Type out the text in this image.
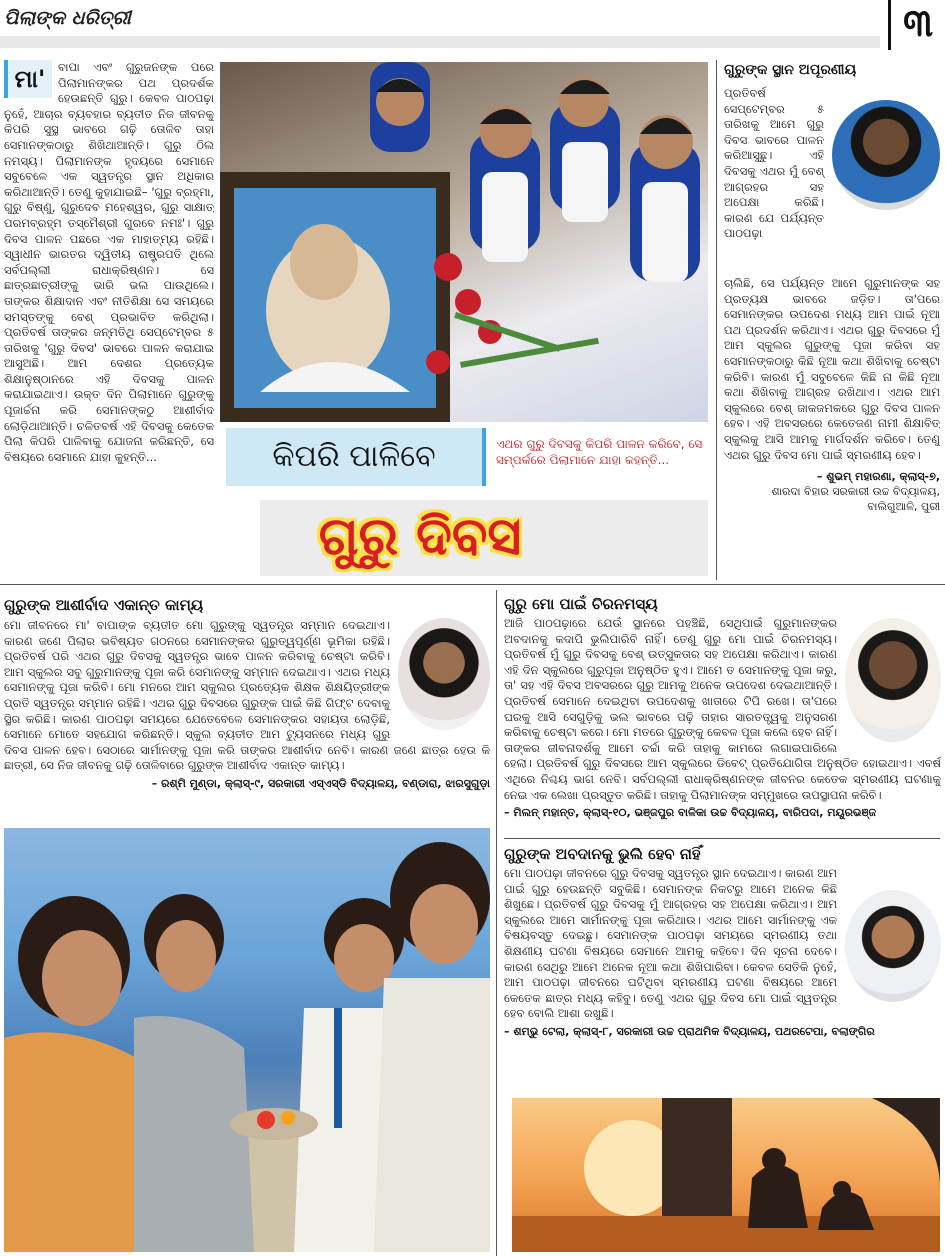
ପିଲାଙ୍କ ଧରିତ୍ରୀ	୩
ମା'	ବାପା ଏବଂ ଗୁରୁଜନଙ୍କ ପରେ ପିଲାମାନଙ୍କର ପଥ ପ୍ରଦର୍ଶକ ହେଉଛନ୍ତି ଗୁରୁ। କେବଳ ପାଠପଢ଼ା ନୁହେଁ, ଆଚାର ବ୍ୟବହାର ବ୍ୟତୀତ ନିଜ ଜୀବନକୁ କିପରି ସୁସ୍ଥ ଭାବରେ ଗଢ଼ି ତୋଳିବ ତାହା ସେମାନଙ୍କଠାରୁ ଶିଖିଥାଆନ୍ତି। ଗୁରୁ ଠିଲ ନମସ୍ୟ। ପିଲାମାନଙ୍କ ହୃଦୟରେ ସେମାନେ ସବୁବେଳେ ଏକ ସ୍ୱତନ୍ତ୍ର ସ୍ଥାନ ଅଧିକାର କରିଥାଆନ୍ତି। ତେଣୁ କୁହାଯାଇଛି– 'ଗୁରୁ ବ୍ରହ୍ମା, ଗୁରୁ ବିଷ୍ଣୁ, ଗୁରୁଦେବ ମହେଶ୍ୱର, ଗୁରୁ ସାକ୍ଷାତ୍ ପରମବ୍ରହ୍ମ ତସ୍ମୈଶ୍ରୀ ଗୁରବେ ନମଃ'। ଗୁରୁ ଦିବସ ପାଳନ ପଛରେ ଏକ ମାହାତ୍ମ୍ୟ ରହିଛି। ସ୍ୱାଧୀନ ଭାରତର ଦ୍ୱିତୀୟ ରାଷ୍ଟ୍ରପତି ଥିଲେ ସର୍ବପଲ୍ଲୀ ରାଧାକ୍ରିଷ୍ଣନ। ସେ ଛାତ୍ରଛାତ୍ରୀଙ୍କୁ ଭାରି ଭଲ ପାଉଥିଲେ। ତାଙ୍କର ଶିକ୍ଷାଦାନ ଏବଂ ନୀତିଶିକ୍ଷା ସେ ସମୟରେ ସମସ୍ତଙ୍କୁ ବେଶ୍ ପ୍ରଭାବିତ କରିଥିଲା। ପ୍ରତିବର୍ଷ ତାଙ୍କର ଜନ୍ମତିଥି ସେପ୍ଟେମ୍ବର ୫ ତାରିଖକୁ 'ଗୁରୁ ଦିବସ' ଭାବରେ ପାଳନ କରାଯାଇ ଆସୁଅଛି। ଆମ ଦେଶର ପ୍ରତ୍ୟେକ ଶିକ୍ଷାନୁଷ୍ଠାନରେ ଏହି ଦିବସକୁ ପାଳନ କରାଯାଇଥାଏ। ଉକ୍ତ ଦିନ ପିଲାମାନେ ଗୁରୁଙ୍କୁ ପୂଜାର୍ଚ୍ଚନା କରି ସେମାନଙ୍କଠୁ ଆଶୀର୍ବାଦ ଲୋଡ଼ିଥାଆନ୍ତି। ଚଳିତବର୍ଷ ଏହି ଦିବସକୁ କେତେକ ପିଲା କିପରି ପାଳିବାକୁ ଯୋଜନା କରିଛନ୍ତି, ସେ ବିଷୟରେ ସେମାନେ ଯାହା କୁହନ୍ତି...	କିପରି ପାଳିବେ	ଏଥର ଗୁରୁ ଦିବସକୁ କିପରି ପାଳନ କରିବେ, ସେ ସମ୍ପର୍କରେ ପିଲାମାନେ ଯାହା କହନ୍ତି...
ଗୁରୁ ଦିବସ
ଗୁରୁଙ୍କ ସ୍ଥାନ ଅପୂରଣୀୟ

ପ୍ରତିବର୍ଷ ସେପ୍ଟେମ୍ବର ୫ ତାରିଖକୁ ଆମେ ଗୁରୁ ଦିବସ ଭାବରେ ପାଳନ କରିଆସୁଛୁ। ଏହି ଦିବସକୁ ଏଥର ମୁଁ ବେଶ୍ ଆଗ୍ରହର ସହ ଅପେକ୍ଷା କରିଛି। କାରଣ ଯେ ପର୍ଯ୍ୟନ୍ତ ପାଠପଢ଼ା

ଚାଲିଛି, ସେ ପର୍ଯ୍ୟନ୍ତ ଆମେ ଗୁରୁମାନଙ୍କ ସହ ପ୍ରତ୍ୟକ୍ଷ ଭାବରେ ଜଡ଼ିତ। ତା'ପରେ ସେମାନଙ୍କର ଉପଦେଶ ମଧ୍ୟ ଆମ ପାଇଁ ନୂଆ ପଥ ପ୍ରଦର୍ଶନ କରିଥାଏ। ଏଥର ଗୁରୁ ଦିବସରେ ମୁଁ ଆମ ସ୍କୁଲର ଗୁରୁଙ୍କୁ ପୂଜା କରିବା ସହ ସେମାନଙ୍କଠାରୁ କିଛି ନୂଆ କଥା ଶିଖିବାକୁ ଚେଷ୍ଟା କରିବି। କାରଣ ମୁଁ ସବୁବେଳେ କିଛି ନା କିଛି ନୂଆ କଥା ଶିଖିବାକୁ ଆଗ୍ରହ ରଖିଥାଏ। ଏଥର ଆମ ସ୍କୁଲରେ ବେଶ୍ ଜାକଜମକରେ ଗୁରୁ ଦିବସ ପାଳନ ହେବ। ଏହି ଅବସରରେ କେତେଜଣ ନାମୀ ଶିକ୍ଷାବିତ୍ ସ୍କୁଲକୁ ଆସି ଆମକୁ ମାର୍ଗଦର୍ଶନ କରିବେ। ତେଣୁ ଏଥର ଗୁରୁ ଦିବସ ମୋ ପାଇଁ ସ୍ମରଣୀୟ ହେବ।

– ଶୁଭମ୍ ମହାରଣା, କ୍ଲାସ୍-୭,

ଶାରଦା ବିହାର ସରକାରୀ ଉଚ୍ଚ ବିଦ୍ୟାଳୟ, ବାଲିଗୁଆଳି, ପୁରୀ

ଗୁରୁଙ୍କ ଆଶୀର୍ବାଦ ଏକାନ୍ତ କାମ୍ୟ

ମୋ ଜୀବନରେ ମା' ବାପାଙ୍କ ବ୍ୟତୀତ ମୋ ଗୁରୁଙ୍କୁ ସ୍ୱତନ୍ତ୍ର ସମ୍ମାନ ଦେଇଥାଏ। କାରଣ ଜଣେ ପିଲାର ଭବିଷ୍ୟତ ଗଠନରେ ସେମାନଙ୍କର ଗୁରୁତ୍ୱପୂର୍ଣ୍ଣ ଭୂମିକା ରହିଛି। ପ୍ରତିବର୍ଷ ପରି ଏଥର ଗୁରୁ ଦିବସକୁ ସ୍ୱତନ୍ତ୍ର ଭାବେ ପାଳନ କରିବାକୁ ଚେଷ୍ଟା କରିବି। ଆମ ସ୍କୁଲର ସବୁ ଗୁରୁମାନଙ୍କୁ ପୂଜା କରି ସେମାନଙ୍କୁ ସମ୍ମାନ ଦେଇଥାଏ। ଏଥର ମଧ୍ୟ ସେମାନଙ୍କୁ ପୂଜା କରିବି। ମୋ ମନରେ ଆମ ସ୍କୁଲର ପ୍ରତ୍ୟେକ ଶିକ୍ଷକ ଶିକ୍ଷୟିତ୍ରୀଙ୍କ ପ୍ରତି ସ୍ୱତନ୍ତ୍ର ସମ୍ମାନ ରହିଛି। ଏଥର ଗୁରୁ ଦିବସରେ ଗୁରୁଙ୍କ ପାଇଁ କିଛି ଗିଫ୍ଟ ଦେବାକୁ ସ୍ଥିର କରିଛି। କାରଣ ପାଠପଢ଼ା ସମୟରେ ଯେତେବେଳେ ସେମାନଙ୍କର ସହାୟତା ଲୋଡ଼ିଛି, ସେମାନେ ମୋତେ ସହଯୋଗ କରିଛନ୍ତି। ସ୍କୁଲ ବ୍ୟତୀତ ଆମ ଟ୍ୟୁସନରେ ମଧ୍ୟ ଗୁରୁ ଦିବସ ପାଳନ ହେବ। ସେଠାରେ ସାର୍ମାନଙ୍କୁ ପୂଜା କରି ତାଙ୍କର ଆଶୀର୍ବାଦ ନେବି। କାରଣ ଜଣେ ଛାତ୍ର ହେଉ କି ଛାତ୍ରୀ, ସେ ନିଜ ଜୀବନକୁ ଗଢ଼ି ତୋଳିବାରେ ଗୁରୁଙ୍କ ଆଶୀର୍ବାଦ ଏକାନ୍ତ କାମ୍ୟ।

– ରଶ୍ମି ମୁଣ୍ଡା, କ୍ଲାସ୍-୯, ସରକାରୀ ଏସ୍‌ଏସ୍‌ଡି ବିଦ୍ୟାଳୟ, ବଣ୍ଡାରା, ଝାରସୁଗୁଡ଼ା

ଗୁରୁ ମୋ ପାଇଁ ଚିରନମସ୍ୟ

ଆଜି ପାଠପଢ଼ାରେ ଯେଉଁ ସ୍ଥାନରେ ପହଞ୍ଚିଛି, ସେଥିପାଇଁ ଗୁରୁମାନଙ୍କର ଅବଦାନକୁ କଦାପି ଭୁଲିପାରିବି ନାହିଁ। ତେଣୁ ଗୁରୁ ମୋ ପାଇଁ ଚିରନମସ୍ୟ। ପ୍ରତିବର୍ଷ ମୁଁ ଗୁରୁ ଦିବସକୁ ବେଶ୍ ଉତ୍ସୁକତାର ସହ ଅପେକ୍ଷା କରିଥାଏ। କାରଣ ଏହି ଦିନ ସ୍କୁଲରେ ଗୁରୁପୂଜା ଅନୁଷ୍ଠିତ ହୁଏ। ଆମେ ତ ସେମାନଙ୍କୁ ପୂଜା କରୁ, ତା' ସହ ଏହି ଦିବସ ଅବସରରେ ଗୁରୁ ଆମକୁ ଅନେକ ଉପଦେଶ ଦେଇଥାଆନ୍ତି। ପ୍ରତିବର୍ଷ ସେମାନେ ଦେଇଥିବା ଉପଦେଶକୁ ଖାତାରେ ଟିପି ରଖେ। ତା'ପରେ ଘରକୁ ଆସି ସେଗୁଡ଼ିକୁ ଭଲ ଭାବରେ ପଢ଼ି ତାହାର ସାରତତ୍ତ୍ୱକୁ ଅନୁସରଣ କରିବାକୁ ଚେଷ୍ଟା କରେ। ମୋ ମତରେ ଗୁରୁଙ୍କୁ କେବଳ ପୂଜା କଲେ ହେବ ନାହିଁ। ତାଙ୍କର ଜୀବନାଦର୍ଶକୁ ଆମେ ଚର୍ଚ୍ଚା କରି ତାହାକୁ କାମରେ ଲଗାଇପାରିଲେ ହେଲା। ପ୍ରତିବର୍ଷ ଗୁରୁ ଦିବସରେ ଆମ ସ୍କୁଲରେ ଡିବେଟ୍ ପ୍ରତିଯୋଗିତା ଅନୁଷ୍ଠିତ ହୋଇଥାଏ। ଏବର୍ଷ ଏଥିରେ ନିଶ୍ଚୟ ଭାଗ ନେବି। ସର୍ବପଲ୍ଲୀ ରାଧାକ୍ରିଷ୍ଣନଙ୍କ ଜୀବନର କେତେକ ସ୍ମରଣୀୟ ଘଟଣାକୁ ନେଇ ଏକ ଲେଖା ପ୍ରସ୍ତୁତ କରିଛି। ତାହାକୁ ପିଲାମାନଙ୍କ ସମ୍ମୁଖରେ ଉପସ୍ଥାପନା କରିବି।

– ମିଲନ୍ ମହାନ୍ତ, କ୍ଲାସ୍-୧୦, ଭଞ୍ଜପୁର ବାଳିକା ଉଚ୍ଚ ବିଦ୍ୟାଳୟ, ବାରିପଦା, ମୟୂରଭଞ୍ଜ

ଗୁରୁଙ୍କ ଅବଦାନକୁ ଭୁଲି ହେବ ନାହିଁ

ମୋ ପାଠପଢ଼ା ଜୀବନରେ ଗୁରୁ ଦିବସକୁ ସ୍ୱତନ୍ତ୍ର ସ୍ଥାନ ଦେଇଥାଏ। କାରଣ ଆମ ପାଇଁ ଗୁରୁ ହେଉଛନ୍ତି ସବୁକିଛି। ସେମାନଙ୍କ ନିକଟରୁ ଆମେ ଅନେକ କିଛି ଶିଖୁଛେ। ପ୍ରତିବର୍ଷ ଗୁରୁ ଦିବସକୁ ମୁଁ ଆଗ୍ରହର ସହ ଅପେକ୍ଷା କରିଥାଏ। ଆମ ସ୍କୁଲରେ ଆମେ ସାର୍ମାନଙ୍କୁ ପୂଜା କରିଥାଉ। ଏଥର ଆମେ ସାର୍ମାନଙ୍କୁ ଏକ ବିଷୟବସ୍ତୁ ଦେଇଛୁ। ସେମାନଙ୍କ ପାଠପଢ଼ା ସମୟରେ ସ୍ମରଣୀୟ ତଥା ଶିକ୍ଷଣୀୟ ଘଟଣା ବିଷୟରେ ସେମାନେ ଆମକୁ କହିବେ। ଦିନ ସୂଚନା ଦେବେ। କାରଣ ସେଥିରୁ ଆମେ ଅନେକ ନୂଆ କଥା ଶିଖିପାରିବା। କେବଳ ସେତିକି ନୁହେଁ, ଆମ ପାଠପଢ଼ା ଜୀବନରେ ଘଟିଥିବା ସ୍ମରଣୀୟ ଘଟଣା ବିଷୟରେ ଆମେ କେତେକ ଛାତ୍ର ମଧ୍ୟ କହିବୁ। ତେଣୁ ଏଥର ଗୁରୁ ଦିବସ ମୋ ପାଇଁ ସ୍ୱତନ୍ତ୍ର ହେବ ବୋଲି ଆଶା ରଖୁଛି।

– ଶମ୍ଭୁ ଟେଲା, କ୍ଲାସ୍-୮, ସରକାରୀ ଉଚ୍ଚ ପ୍ରାଥମିକ ବିଦ୍ୟାଳୟ, ପଥରଟେପା, ବଲାଙ୍ଗିର
